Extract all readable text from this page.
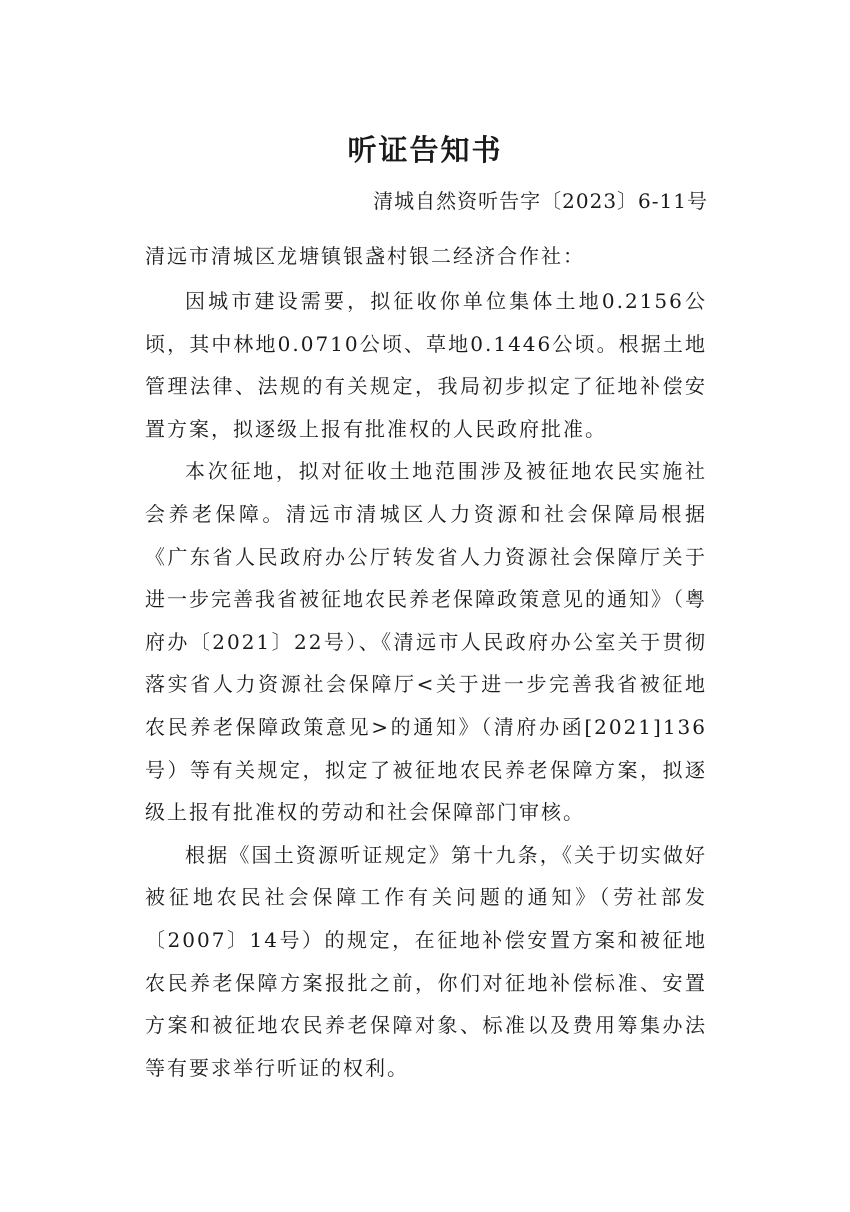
听证告知书
清城自然资听告字〔2023〕6-11号
清远市清城区龙塘镇银盏村银二经济合作社：

因城市建设需要，拟征收你单位集体土地0.2156公顷，其中林地0.0710公顷、草地0.1446公顷。根据土地管理法律、法规的有关规定，我局初步拟定了征地补偿安置方案，拟逐级上报有批准权的人民政府批准。

本次征地，拟对征收土地范围涉及被征地农民实施社会养老保障。清远市清城区人力资源和社会保障局根据《广东省人民政府办公厅转发省人力资源社会保障厅关于进一步完善我省被征地农民养老保障政策意见的通知》（粤府办〔2021〕22号）、《清远市人民政府办公室关于贯彻落实省人力资源社会保障厅<关于进一步完善我省被征地农民养老保障政策意见>的通知》（清府办函[2021]136号）等有关规定，拟定了被征地农民养老保障方案，拟逐级上报有批准权的劳动和社会保障部门审核。

根据《国土资源听证规定》第十九条，《关于切实做好被征地农民社会保障工作有关问题的通知》（劳社部发〔2007〕14号）的规定，在征地补偿安置方案和被征地农民养老保障方案报批之前，你们对征地补偿标准、安置方案和被征地农民养老保障对象、标准以及费用筹集办法等有要求举行听证的权利。
